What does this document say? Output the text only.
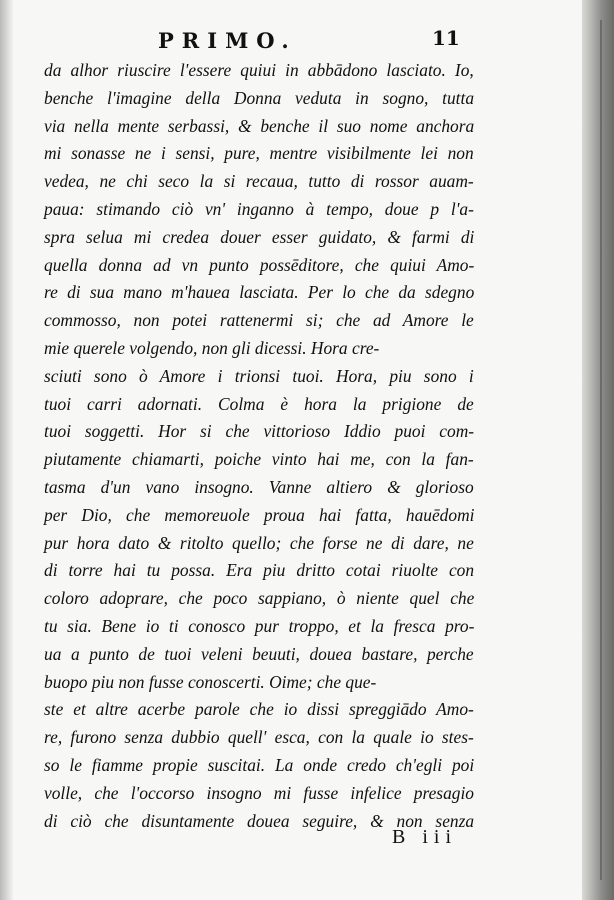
PRIMO.	11
da alhor riuscire l'essere quiui in abbādono lasciato. Io,
benche l'imagine della Donna veduta in sogno, tutta
via nella mente serbassi, & benche il suo nome anchora
mi sonasse ne i sensi, pure, mentre visibilmente lei non
vedea, ne chi seco la si recaua, tutto di rossor auam-
paua: stimando ciò vn' inganno à tempo, doue p l'a-
spra selua mi credea douer esser guidato, & farmi di
quella donna ad vn punto possēditore, che quiui Amo-
re di sua mano m'hauea lasciata. Per lo che da sdegno
commosso, non potei rattenermi si; che ad Amore le
mie querele volgendo, non gli dicessi. Hora cre-
sciuti sono ò Amore i trionsi tuoi. Hora, piu sono i
tuoi carri adornati. Colma è hora la prigione de
tuoi soggetti. Hor si che vittorioso Iddio puoi com-
piutamente chiamarti, poiche vinto hai me, con la fan-
tasma d'un vano insogno. Vanne altiero & glorioso
per Dio, che memoreuole proua hai fatta, hauēdomi
pur hora dato & ritolto quello; che forse ne di dare, ne
di torre hai tu possa. Era piu dritto cotai riuolte con
coloro adoprare, che poco sappiano, ò niente quel che
tu sia. Bene io ti conosco pur troppo, et la fresca pro-
ua a punto de tuoi veleni beuuti, douea bastare, perche
buopo piu non fusse conoscerti. Oime; che que-
ste et altre acerbe parole che io dissi spreggiādo Amo-
re, furono senza dubbio quell' esca, con la quale io stes-
so le fiamme propie suscitai. La onde credo ch'egli poi
volle, che l'occorso insogno mi fusse infelice presagio
di ciò che disuntamente douea seguire, & non senza
B iii
